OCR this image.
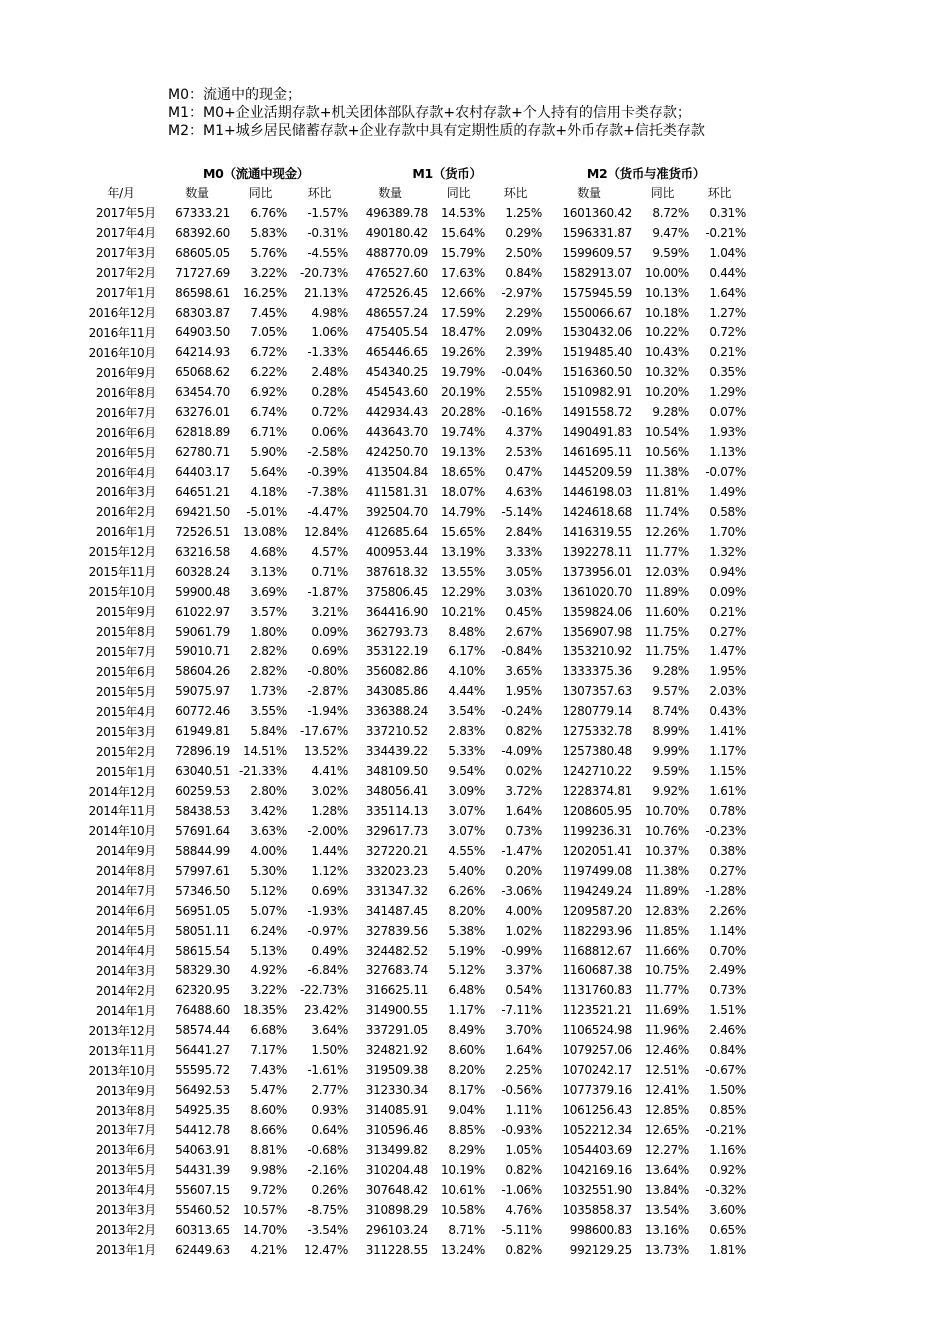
M0：流通中的现金；
M1：M0+企业活期存款+机关团体部队存款+农村存款+个人持有的信用卡类存款；
M2：M1+城乡居民储蓄存款+企业存款中具有定期性质的存款+外币存款+信托类存款
	M0（流通中现金）			M1（货币）			M2（货币与准货币）		
年/月	数量	同比	环比	数量	同比	环比	数量	同比	环比
2017年5月	67333.21	6.76%	-1.57%	496389.78	14.53%	1.25%	1601360.42	8.72%	0.31%
2017年4月	68392.60	5.83%	-0.31%	490180.42	15.64%	0.29%	1596331.87	9.47%	-0.21%
2017年3月	68605.05	5.76%	-4.55%	488770.09	15.79%	2.50%	1599609.57	9.59%	1.04%
2017年2月	71727.69	3.22%	-20.73%	476527.60	17.63%	0.84%	1582913.07	10.00%	0.44%
2017年1月	86598.61	16.25%	21.13%	472526.45	12.66%	-2.97%	1575945.59	10.13%	1.64%
2016年12月	68303.87	7.45%	4.98%	486557.24	17.59%	2.29%	1550066.67	10.18%	1.27%
2016年11月	64903.50	7.05%	1.06%	475405.54	18.47%	2.09%	1530432.06	10.22%	0.72%
2016年10月	64214.93	6.72%	-1.33%	465446.65	19.26%	2.39%	1519485.40	10.43%	0.21%
2016年9月	65068.62	6.22%	2.48%	454340.25	19.79%	-0.04%	1516360.50	10.32%	0.35%
2016年8月	63454.70	6.92%	0.28%	454543.60	20.19%	2.55%	1510982.91	10.20%	1.29%
2016年7月	63276.01	6.74%	0.72%	442934.43	20.28%	-0.16%	1491558.72	9.28%	0.07%
2016年6月	62818.89	6.71%	0.06%	443643.70	19.74%	4.37%	1490491.83	10.54%	1.93%
2016年5月	62780.71	5.90%	-2.58%	424250.70	19.13%	2.53%	1461695.11	10.56%	1.13%
2016年4月	64403.17	5.64%	-0.39%	413504.84	18.65%	0.47%	1445209.59	11.38%	-0.07%
2016年3月	64651.21	4.18%	-7.38%	411581.31	18.07%	4.63%	1446198.03	11.81%	1.49%
2016年2月	69421.50	-5.01%	-4.47%	392504.70	14.79%	-5.14%	1424618.68	11.74%	0.58%
2016年1月	72526.51	13.08%	12.84%	412685.64	15.65%	2.84%	1416319.55	12.26%	1.70%
2015年12月	63216.58	4.68%	4.57%	400953.44	13.19%	3.33%	1392278.11	11.77%	1.32%
2015年11月	60328.24	3.13%	0.71%	387618.32	13.55%	3.05%	1373956.01	12.03%	0.94%
2015年10月	59900.48	3.69%	-1.87%	375806.45	12.29%	3.03%	1361020.70	11.89%	0.09%
2015年9月	61022.97	3.57%	3.21%	364416.90	10.21%	0.45%	1359824.06	11.60%	0.21%
2015年8月	59061.79	1.80%	0.09%	362793.73	8.48%	2.67%	1356907.98	11.75%	0.27%
2015年7月	59010.71	2.82%	0.69%	353122.19	6.17%	-0.84%	1353210.92	11.75%	1.47%
2015年6月	58604.26	2.82%	-0.80%	356082.86	4.10%	3.65%	1333375.36	9.28%	1.95%
2015年5月	59075.97	1.73%	-2.87%	343085.86	4.44%	1.95%	1307357.63	9.57%	2.03%
2015年4月	60772.46	3.55%	-1.94%	336388.24	3.54%	-0.24%	1280779.14	8.74%	0.43%
2015年3月	61949.81	5.84%	-17.67%	337210.52	2.83%	0.82%	1275332.78	8.99%	1.41%
2015年2月	72896.19	14.51%	13.52%	334439.22	5.33%	-4.09%	1257380.48	9.99%	1.17%
2015年1月	63040.51	-21.33%	4.41%	348109.50	9.54%	0.02%	1242710.22	9.59%	1.15%
2014年12月	60259.53	2.80%	3.02%	348056.41	3.09%	3.72%	1228374.81	9.92%	1.61%
2014年11月	58438.53	3.42%	1.28%	335114.13	3.07%	1.64%	1208605.95	10.70%	0.78%
2014年10月	57691.64	3.63%	-2.00%	329617.73	3.07%	0.73%	1199236.31	10.76%	-0.23%
2014年9月	58844.99	4.00%	1.44%	327220.21	4.55%	-1.47%	1202051.41	10.37%	0.38%
2014年8月	57997.61	5.30%	1.12%	332023.23	5.40%	0.20%	1197499.08	11.38%	0.27%
2014年7月	57346.50	5.12%	0.69%	331347.32	6.26%	-3.06%	1194249.24	11.89%	-1.28%
2014年6月	56951.05	5.07%	-1.93%	341487.45	8.20%	4.00%	1209587.20	12.83%	2.26%
2014年5月	58051.11	6.24%	-0.97%	327839.56	5.38%	1.02%	1182293.96	11.85%	1.14%
2014年4月	58615.54	5.13%	0.49%	324482.52	5.19%	-0.99%	1168812.67	11.66%	0.70%
2014年3月	58329.30	4.92%	-6.84%	327683.74	5.12%	3.37%	1160687.38	10.75%	2.49%
2014年2月	62320.95	3.22%	-22.73%	316625.11	6.48%	0.54%	1131760.83	11.77%	0.73%
2014年1月	76488.60	18.35%	23.42%	314900.55	1.17%	-7.11%	1123521.21	11.69%	1.51%
2013年12月	58574.44	6.68%	3.64%	337291.05	8.49%	3.70%	1106524.98	11.96%	2.46%
2013年11月	56441.27	7.17%	1.50%	324821.92	8.60%	1.64%	1079257.06	12.46%	0.84%
2013年10月	55595.72	7.43%	-1.61%	319509.38	8.20%	2.25%	1070242.17	12.51%	-0.67%
2013年9月	56492.53	5.47%	2.77%	312330.34	8.17%	-0.56%	1077379.16	12.41%	1.50%
2013年8月	54925.35	8.60%	0.93%	314085.91	9.04%	1.11%	1061256.43	12.85%	0.85%
2013年7月	54412.78	8.66%	0.64%	310596.46	8.85%	-0.93%	1052212.34	12.65%	-0.21%
2013年6月	54063.91	8.81%	-0.68%	313499.82	8.29%	1.05%	1054403.69	12.27%	1.16%
2013年5月	54431.39	9.98%	-2.16%	310204.48	10.19%	0.82%	1042169.16	13.64%	0.92%
2013年4月	55607.15	9.72%	0.26%	307648.42	10.61%	-1.06%	1032551.90	13.84%	-0.32%
2013年3月	55460.52	10.57%	-8.75%	310898.29	10.58%	4.76%	1035858.37	13.54%	3.60%
2013年2月	60313.65	14.70%	-3.54%	296103.24	8.71%	-5.11%	998600.83	13.16%	0.65%
2013年1月	62449.63	4.21%	12.47%	311228.55	13.24%	0.82%	992129.25	13.73%	1.81%
